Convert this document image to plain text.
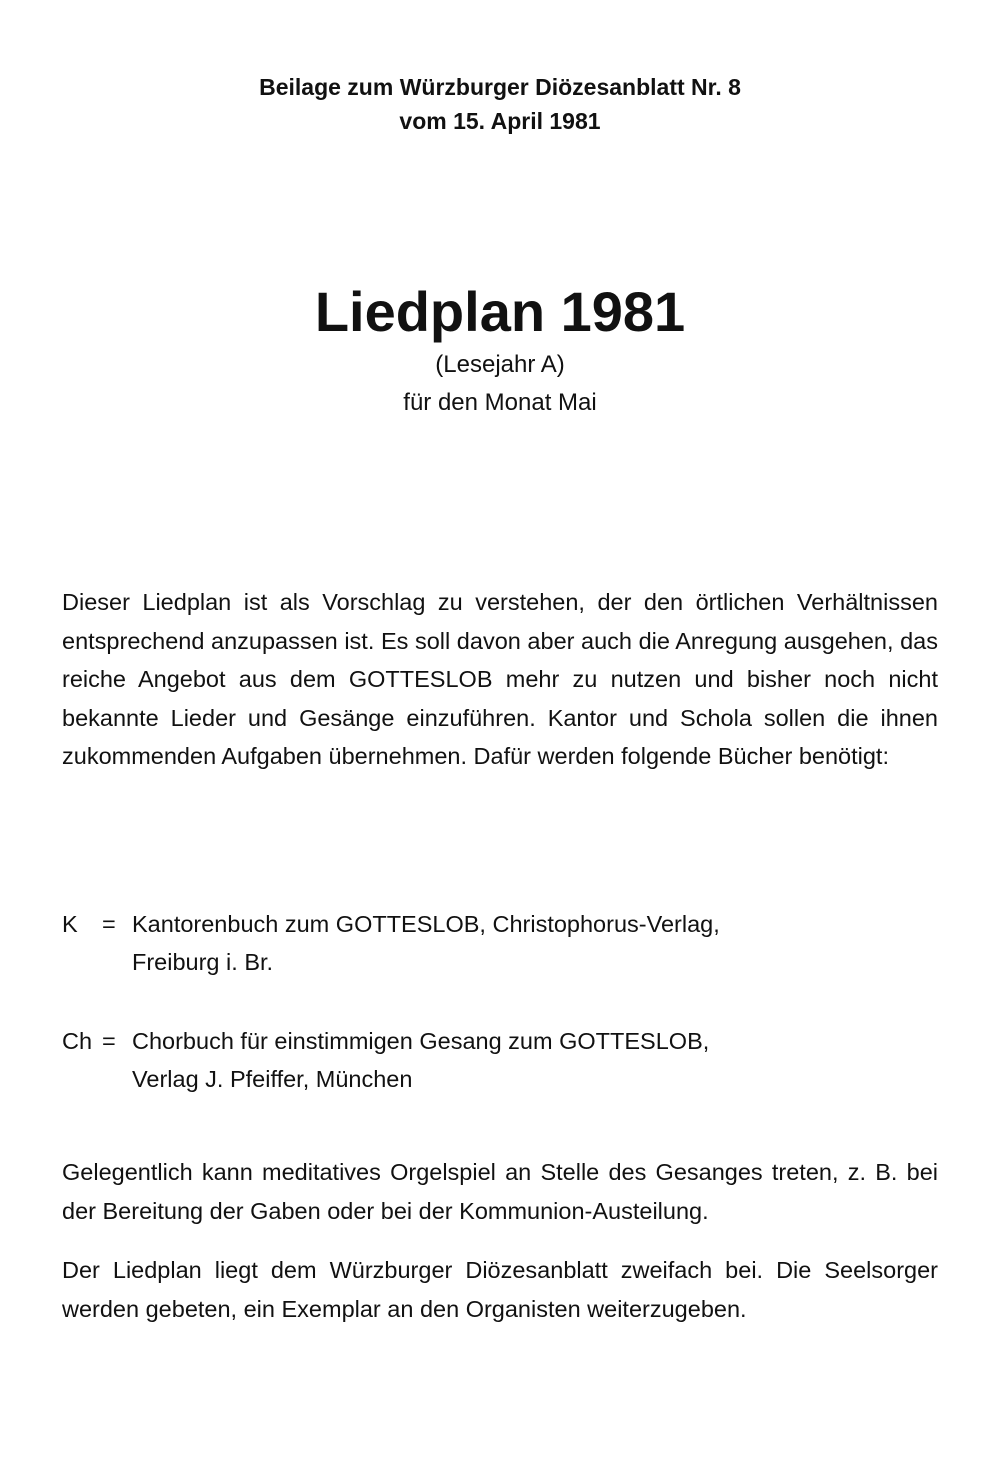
Beilage zum Würzburger Diözesanblatt Nr. 8
vom 15. April 1981
Liedplan 1981
(Lesejahr A)
für den Monat Mai

Dieser Liedplan ist als Vorschlag zu verstehen, der den örtlichen Verhältnissen entsprechend anzupassen ist. Es soll davon aber auch die Anregung ausgehen, das reiche Angebot aus dem GOTTESLOB mehr zu nutzen und bisher noch nicht bekannte Lieder und Gesänge einzuführen. Kantor und Schola sollen die ihnen zukommenden Aufgaben übernehmen. Dafür werden folgende Bücher benötigt:

K = Kantorenbuch zum GOTTESLOB, Christophorus-Verlag,
Freiburg i. Br.
Ch = Chorbuch für einstimmigen Gesang zum GOTTESLOB,
Verlag J. Pfeiffer, München

Gelegentlich kann meditatives Orgelspiel an Stelle des Gesanges treten, z. B. bei der Bereitung der Gaben oder bei der Kommunion-Austeilung.

Der Liedplan liegt dem Würzburger Diözesanblatt zweifach bei. Die Seelsorger werden gebeten, ein Exemplar an den Organisten weiterzugeben.
